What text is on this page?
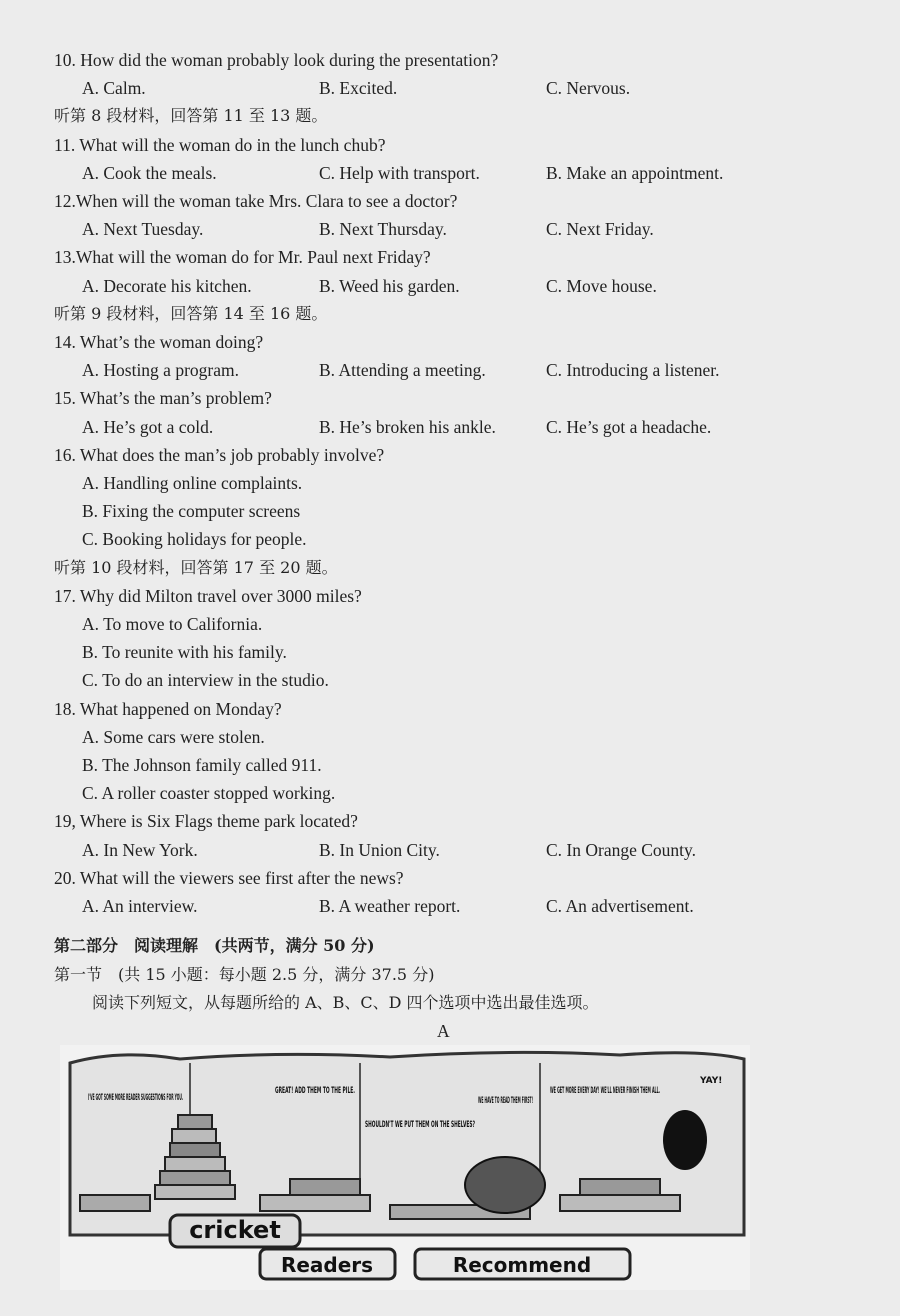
10. How did the woman probably look during the presentation?
A. Calm.	B. Excited.	C. Nervous.
听第 8 段材料，回答第 11 至 13 题。
11. What will the woman do in the lunch chub?
A. Cook the meals.	C. Help with transport.	B. Make an appointment.
12.When will the woman take Mrs. Clara to see a doctor?
A. Next Tuesday.	B. Next Thursday.	C. Next Friday.
13.What will the woman do for Mr. Paul next Friday?
A. Decorate his kitchen.	B. Weed his garden.	C. Move house.
听第 9 段材料，回答第 14 至 16 题。
14. What’s the woman doing?
A. Hosting a program.	B. Attending a meeting.	C. Introducing a listener.
15. What’s the man’s problem?
A. He’s got a cold.	B. He’s broken his ankle.	C. He’s got a headache.
16. What does the man’s job probably involve?
A. Handling online complaints.
B. Fixing the computer screens
C. Booking holidays for people.
听第 10 段材料，回答第 17 至 20 题。
17. Why did Milton travel over 3000 miles?
A. To move to California.
B. To reunite with his family.
C. To do an interview in the studio.
18. What happened on Monday?
A. Some cars were stolen.
B. The Johnson family called 911.
C. A roller coaster stopped working.
19, Where is Six Flags theme park located?
A. In New York.	B. In Union City.	C. In Orange County.
20. What will the viewers see first after the news?
A. An interview.	B. A weather report.	C. An advertisement.
第二部分　阅读理解　(共两节，满分 50 分)
第一节　(共 15 小题：每小题 2.5 分，满分 37.5 分)
阅读下列短文，从每题所给的 A、B、C、D 四个选项中选出最佳选项。
A
I'VE GOT SOME MORE READER SUGGESTIONS FOR YOU.
GREAT! ADD THEM TO THE PILE.
SHOULDN'T WE PUT THEM ON THE SHELVES?
WE HAVE TO READ THEM FIRST!
WE GET MORE EVERY DAY! WE'LL NEVER FINISH THEM ALL.
YAY!
cricket
Readers	Recommend
